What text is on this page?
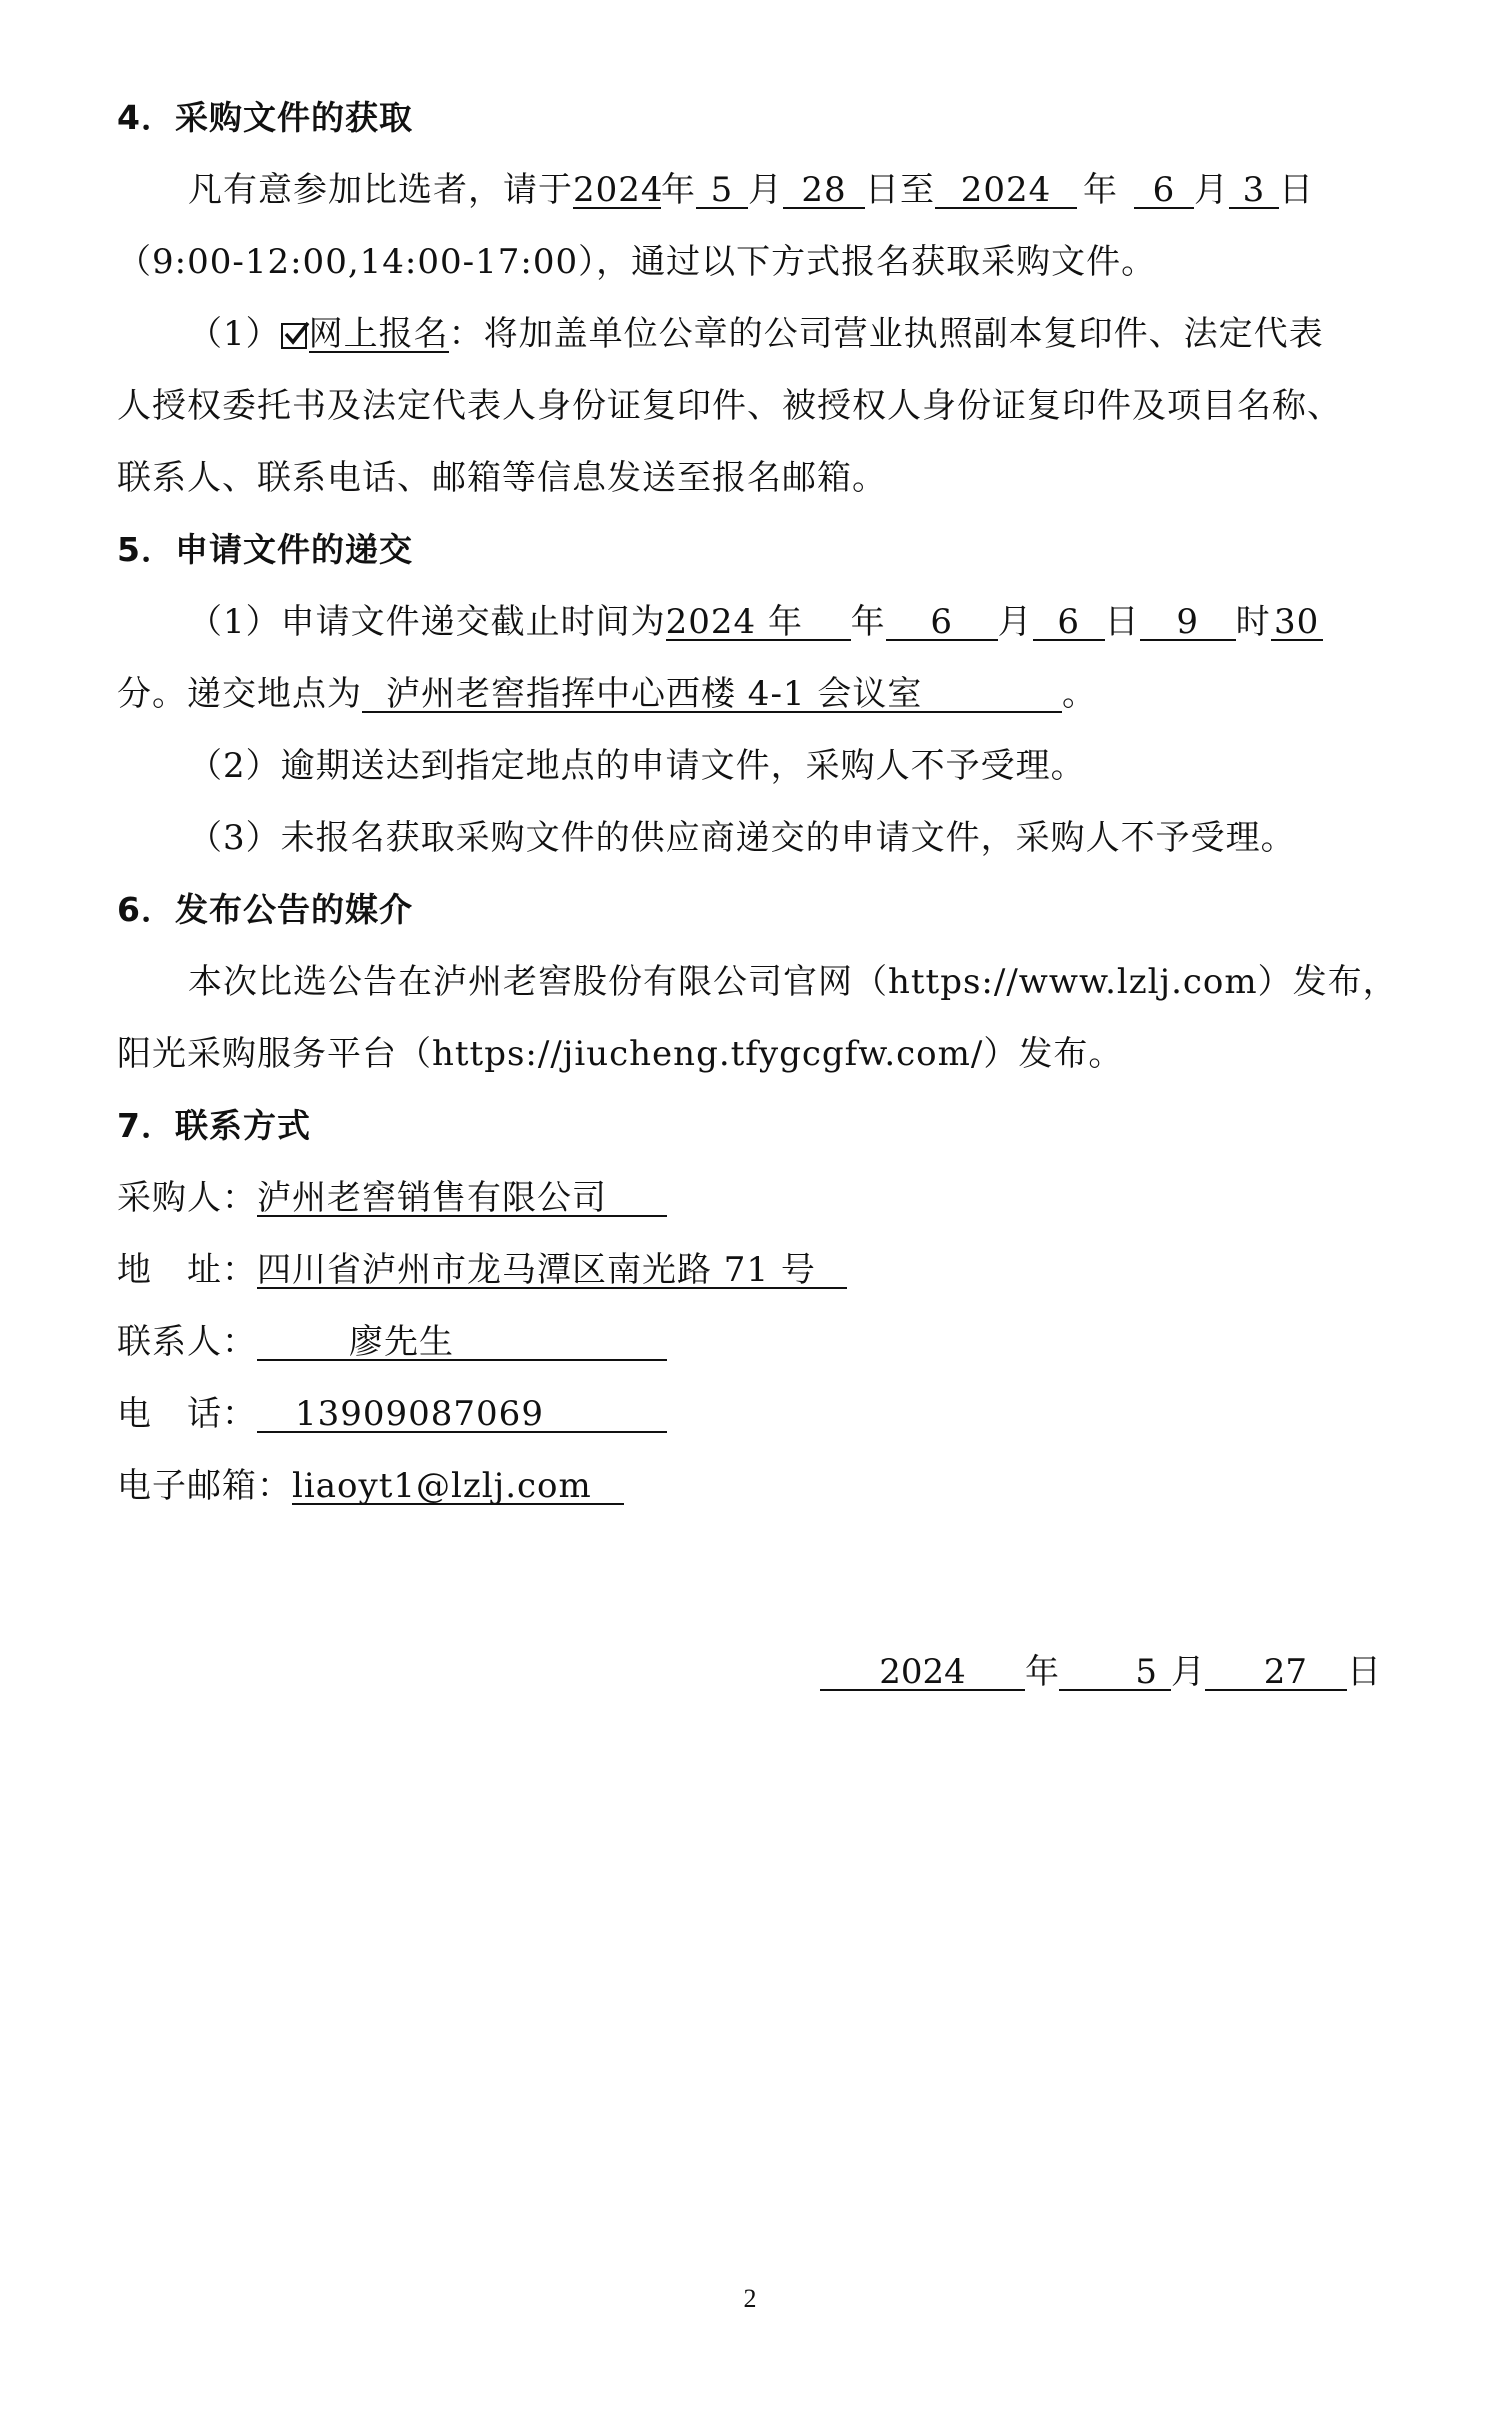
4．采购文件的获取
凡有意参加比选者，请于2024年 5 月 28 日至 2024 年 6 月 3 日
（9:00-12:00,14:00-17:00），通过以下方式报名获取采购文件。
（1） 网上报名：将加盖单位公章的公司营业执照副本复印件、法定代表
人授权委托书及法定代表人身份证复印件、被授权人身份证复印件及项目名称、
联系人、联系电话、邮箱等信息发送至报名邮箱。
5．申请文件的递交
（1）申请文件递交截止时间为2024 年 年 6 月 6 日 9 时30
分。递交地点为 泸州老窖指挥中心西楼 4-1 会议室	。
（2）逾期送达到指定地点的申请文件，采购人不予受理。
（3）未报名获取采购文件的供应商递交的申请文件，采购人不予受理。
6．发布公告的媒介
本次比选公告在泸州老窖股份有限公司官网（https://www.lzlj.com）发布，
阳光采购服务平台（https://jiucheng.tfygcgfw.com/）发布。
7．联系方式
采购人：泸州老窖销售有限公司
地　址：四川省泸州市龙马潭区南光路 71 号
联系人：	廖先生
电　话： 13909087069
电子邮箱：liaoyt1@lzlj.com
2024 年 5 月 27 日
2
